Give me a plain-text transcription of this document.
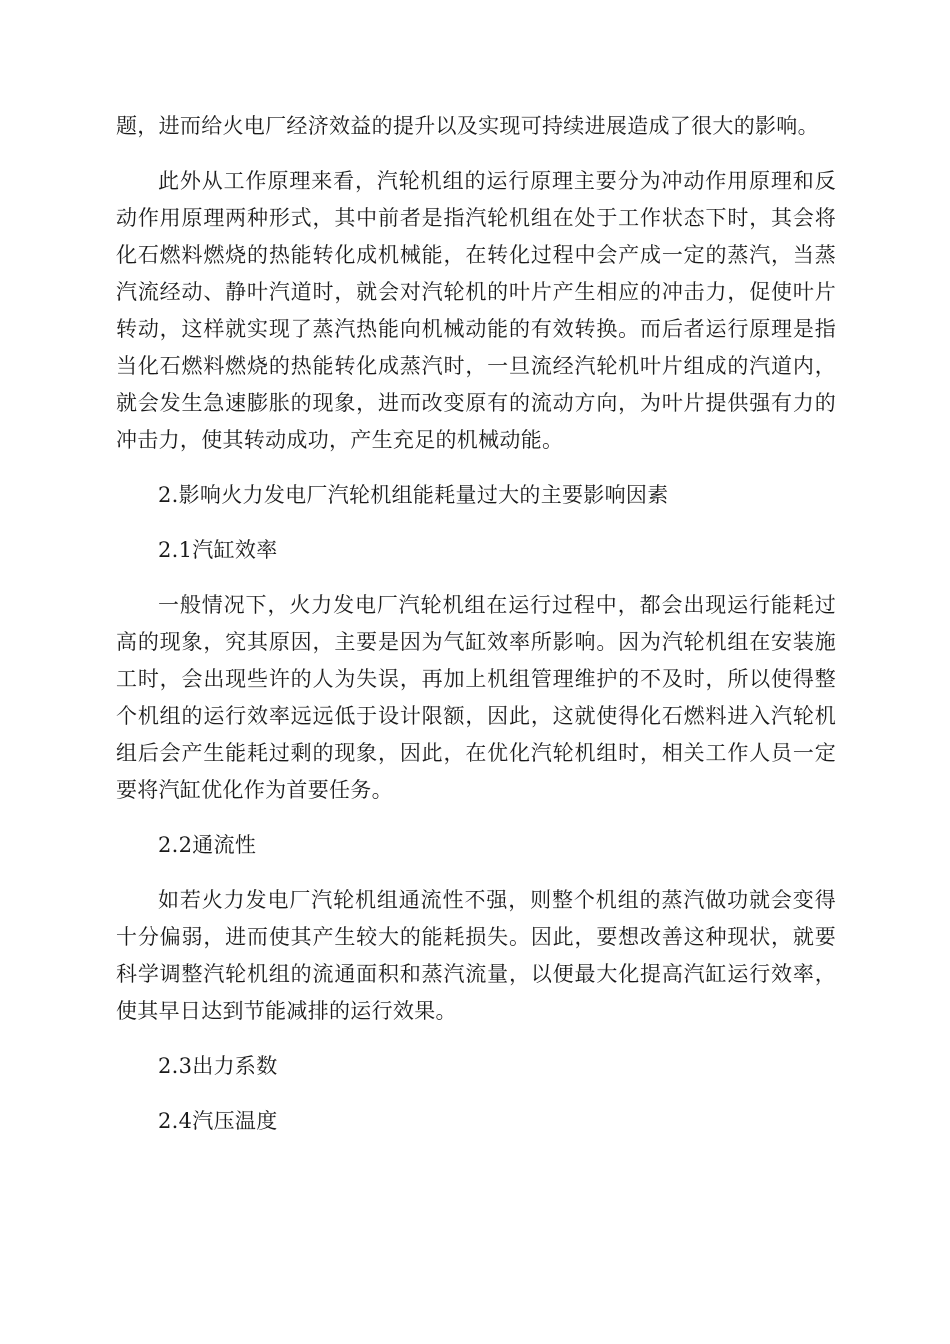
题，进而给火电厂经济效益的提升以及实现可持续进展造成了很大的影响。

此外从工作原理来看，汽轮机组的运行原理主要分为冲动作用原理和反动作用原理两种形式，其中前者是指汽轮机组在处于工作状态下时，其会将化石燃料燃烧的热能转化成机械能，在转化过程中会产成一定的蒸汽，当蒸汽流经动、静叶汽道时，就会对汽轮机的叶片产生相应的冲击力，促使叶片转动，这样就实现了蒸汽热能向机械动能的有效转换。而后者运行原理是指当化石燃料燃烧的热能转化成蒸汽时，一旦流经汽轮机叶片组成的汽道内，就会发生急速膨胀的现象，进而改变原有的流动方向，为叶片提供强有力的冲击力，使其转动成功，产生充足的机械动能。

2.影响火力发电厂汽轮机组能耗量过大的主要影响因素

2.1汽缸效率

一般情况下，火力发电厂汽轮机组在运行过程中，都会出现运行能耗过高的现象，究其原因，主要是因为气缸效率所影响。因为汽轮机组在安装施工时，会出现些许的人为失误，再加上机组管理维护的不及时，所以使得整个机组的运行效率远远低于设计限额，因此，这就使得化石燃料进入汽轮机组后会产生能耗过剩的现象，因此，在优化汽轮机组时，相关工作人员一定要将汽缸优化作为首要任务。

2.2通流性

如若火力发电厂汽轮机组通流性不强，则整个机组的蒸汽做功就会变得十分偏弱，进而使其产生较大的能耗损失。因此，要想改善这种现状，就要科学调整汽轮机组的流通面积和蒸汽流量，以便最大化提高汽缸运行效率，使其早日达到节能减排的运行效果。

2.3出力系数

2.4汽压温度
